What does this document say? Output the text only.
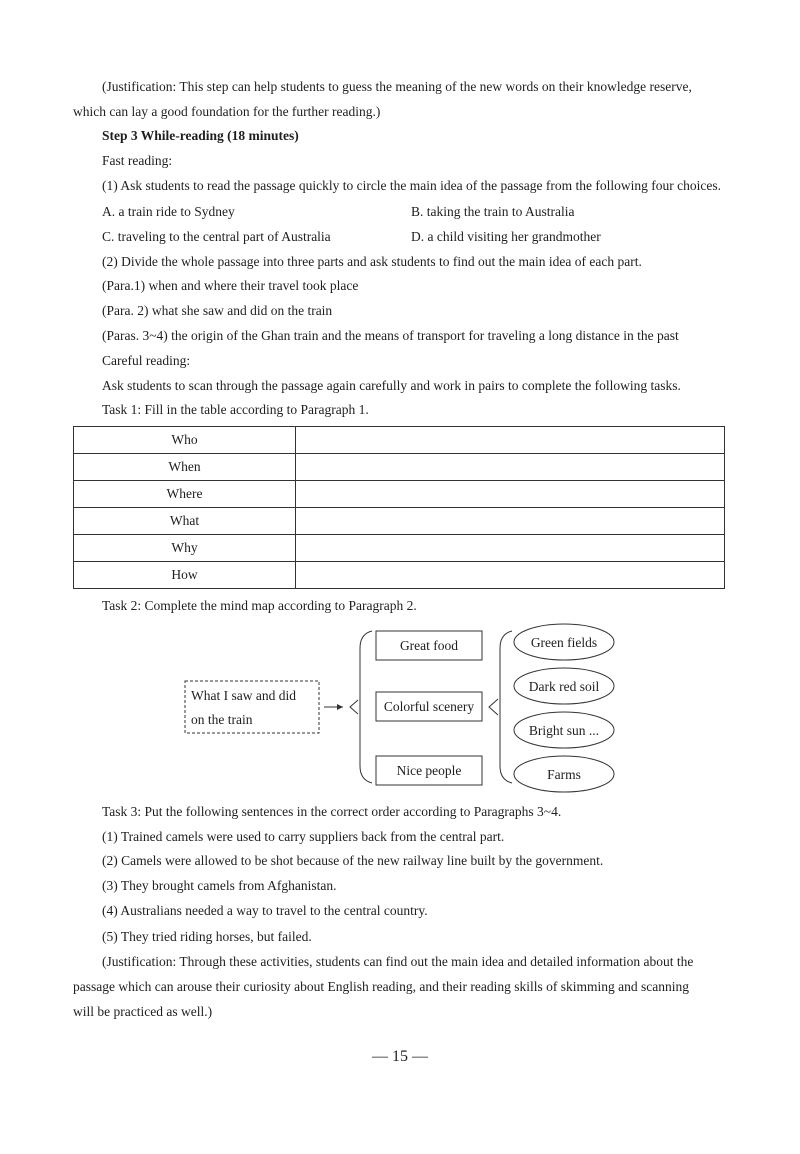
(Justification: This step can help students to guess the meaning of the new words on their knowledge reserve,
which can lay a good foundation for the further reading.)
Step 3 While-reading (18 minutes)
Fast reading:
(1) Ask students to read the passage quickly to circle the main idea of the passage from the following four choices.
A. a train ride to Sydney	B. taking the train to Australia
C. traveling to the central part of Australia	D. a child visiting her grandmother
(2) Divide the whole passage into three parts and ask students to find out the main idea of each part.
(Para.1) when and where their travel took place
(Para. 2) what she saw and did on the train
(Paras. 3~4) the origin of the Ghan train and the means of transport for traveling a long distance in the past
Careful reading:
Ask students to scan through the passage again carefully and work in pairs to complete the following tasks.
Task 1: Fill in the table according to Paragraph 1.
Who	
When	
Where	
What	
Why	
How	
Task 2: Complete the mind map according to Paragraph 2.
What I saw and did
on the train
Great food
Colorful scenery
Nice people
Green fields
Dark red soil
Bright sun ...
Farms
Task 3: Put the following sentences in the correct order according to Paragraphs 3~4.
(1) Trained camels were used to carry suppliers back from the central part.
(2) Camels were allowed to be shot because of the new railway line built by the government.
(3) They brought camels from Afghanistan.
(4) Australians needed a way to travel to the central country.
(5) They tried riding horses, but failed.
(Justification: Through these activities, students can find out the main idea and detailed information about the
passage which can arouse their curiosity about English reading, and their reading skills of skimming and scanning
will be practiced as well.)
— 15 —
